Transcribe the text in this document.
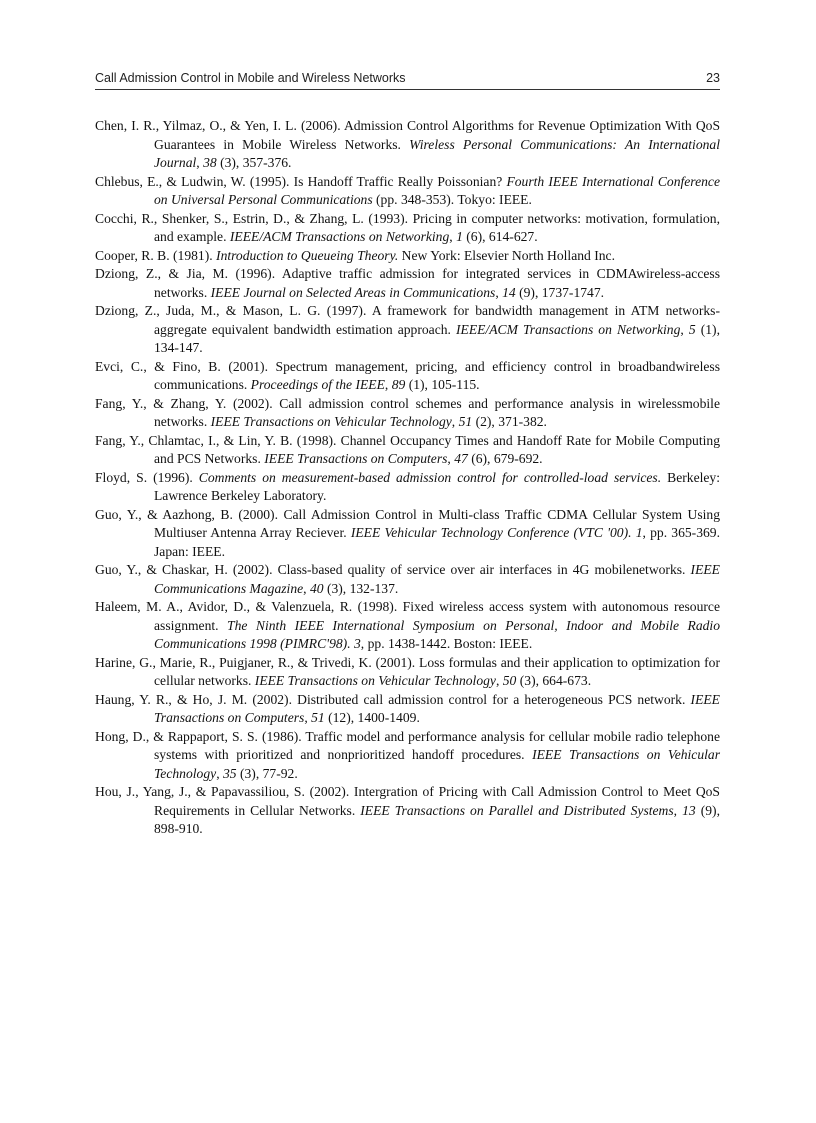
Call Admission Control in Mobile and Wireless Networks	23

Chen, I. R., Yilmaz, O., & Yen, I. L. (2006). Admission Control Algorithms for Revenue Optimization With QoS Guarantees in Mobile Wireless Networks. Wireless Personal Communications: An International Journal, 38 (3), 357-376.

Chlebus, E., & Ludwin, W. (1995). Is Handoff Traffic Really Poissonian? Fourth IEEE International Conference on Universal Personal Communications (pp. 348-353). Tokyo: IEEE.

Cocchi, R., Shenker, S., Estrin, D., & Zhang, L. (1993). Pricing in computer networks: motivation, formulation, and example. IEEE/ACM Transactions on Networking, 1 (6), 614-627.

Cooper, R. B. (1981). Introduction to Queueing Theory. New York: Elsevier North Holland Inc.

Dziong, Z., & Jia, M. (1996). Adaptive traffic admission for integrated services in CDMAwireless-access networks. IEEE Journal on Selected Areas in Communications, 14 (9), 1737-1747.

Dziong, Z., Juda, M., & Mason, L. G. (1997). A framework for bandwidth management in ATM networks-aggregate equivalent bandwidth estimation approach. IEEE/ACM Transactions on Networking, 5 (1), 134-147.

Evci, C., & Fino, B. (2001). Spectrum management, pricing, and efficiency control in broadbandwireless communications. Proceedings of the IEEE, 89 (1), 105-115.

Fang, Y., & Zhang, Y. (2002). Call admission control schemes and performance analysis in wirelessmobile networks. IEEE Transactions on Vehicular Technology, 51 (2), 371-382.

Fang, Y., Chlamtac, I., & Lin, Y. B. (1998). Channel Occupancy Times and Handoff Rate for Mobile Computing and PCS Networks. IEEE Transactions on Computers, 47 (6), 679-692.

Floyd, S. (1996). Comments on measurement-based admission control for controlled-load services. Berkeley: Lawrence Berkeley Laboratory.

Guo, Y., & Aazhong, B. (2000). Call Admission Control in Multi-class Traffic CDMA Cellular System Using Multiuser Antenna Array Reciever. IEEE Vehicular Technology Conference (VTC '00). 1, pp. 365-369. Japan: IEEE.

Guo, Y., & Chaskar, H. (2002). Class-based quality of service over air interfaces in 4G mobilenetworks. IEEE Communications Magazine, 40 (3), 132-137.

Haleem, M. A., Avidor, D., & Valenzuela, R. (1998). Fixed wireless access system with autonomous resource assignment. The Ninth IEEE International Symposium on Personal, Indoor and Mobile Radio Communications 1998 (PIMRC'98). 3, pp. 1438-1442. Boston: IEEE.

Harine, G., Marie, R., Puigjaner, R., & Trivedi, K. (2001). Loss formulas and their application to optimization for cellular networks. IEEE Transactions on Vehicular Technology, 50 (3), 664-673.

Haung, Y. R., & Ho, J. M. (2002). Distributed call admission control for a heterogeneous PCS network. IEEE Transactions on Computers, 51 (12), 1400-1409.

Hong, D., & Rappaport, S. S. (1986). Traffic model and performance analysis for cellular mobile radio telephone systems with prioritized and nonprioritized handoff procedures. IEEE Transactions on Vehicular Technology, 35 (3), 77-92.

Hou, J., Yang, J., & Papavassiliou, S. (2002). Intergration of Pricing with Call Admission Control to Meet QoS Requirements in Cellular Networks. IEEE Transactions on Parallel and Distributed Systems, 13 (9), 898-910.
